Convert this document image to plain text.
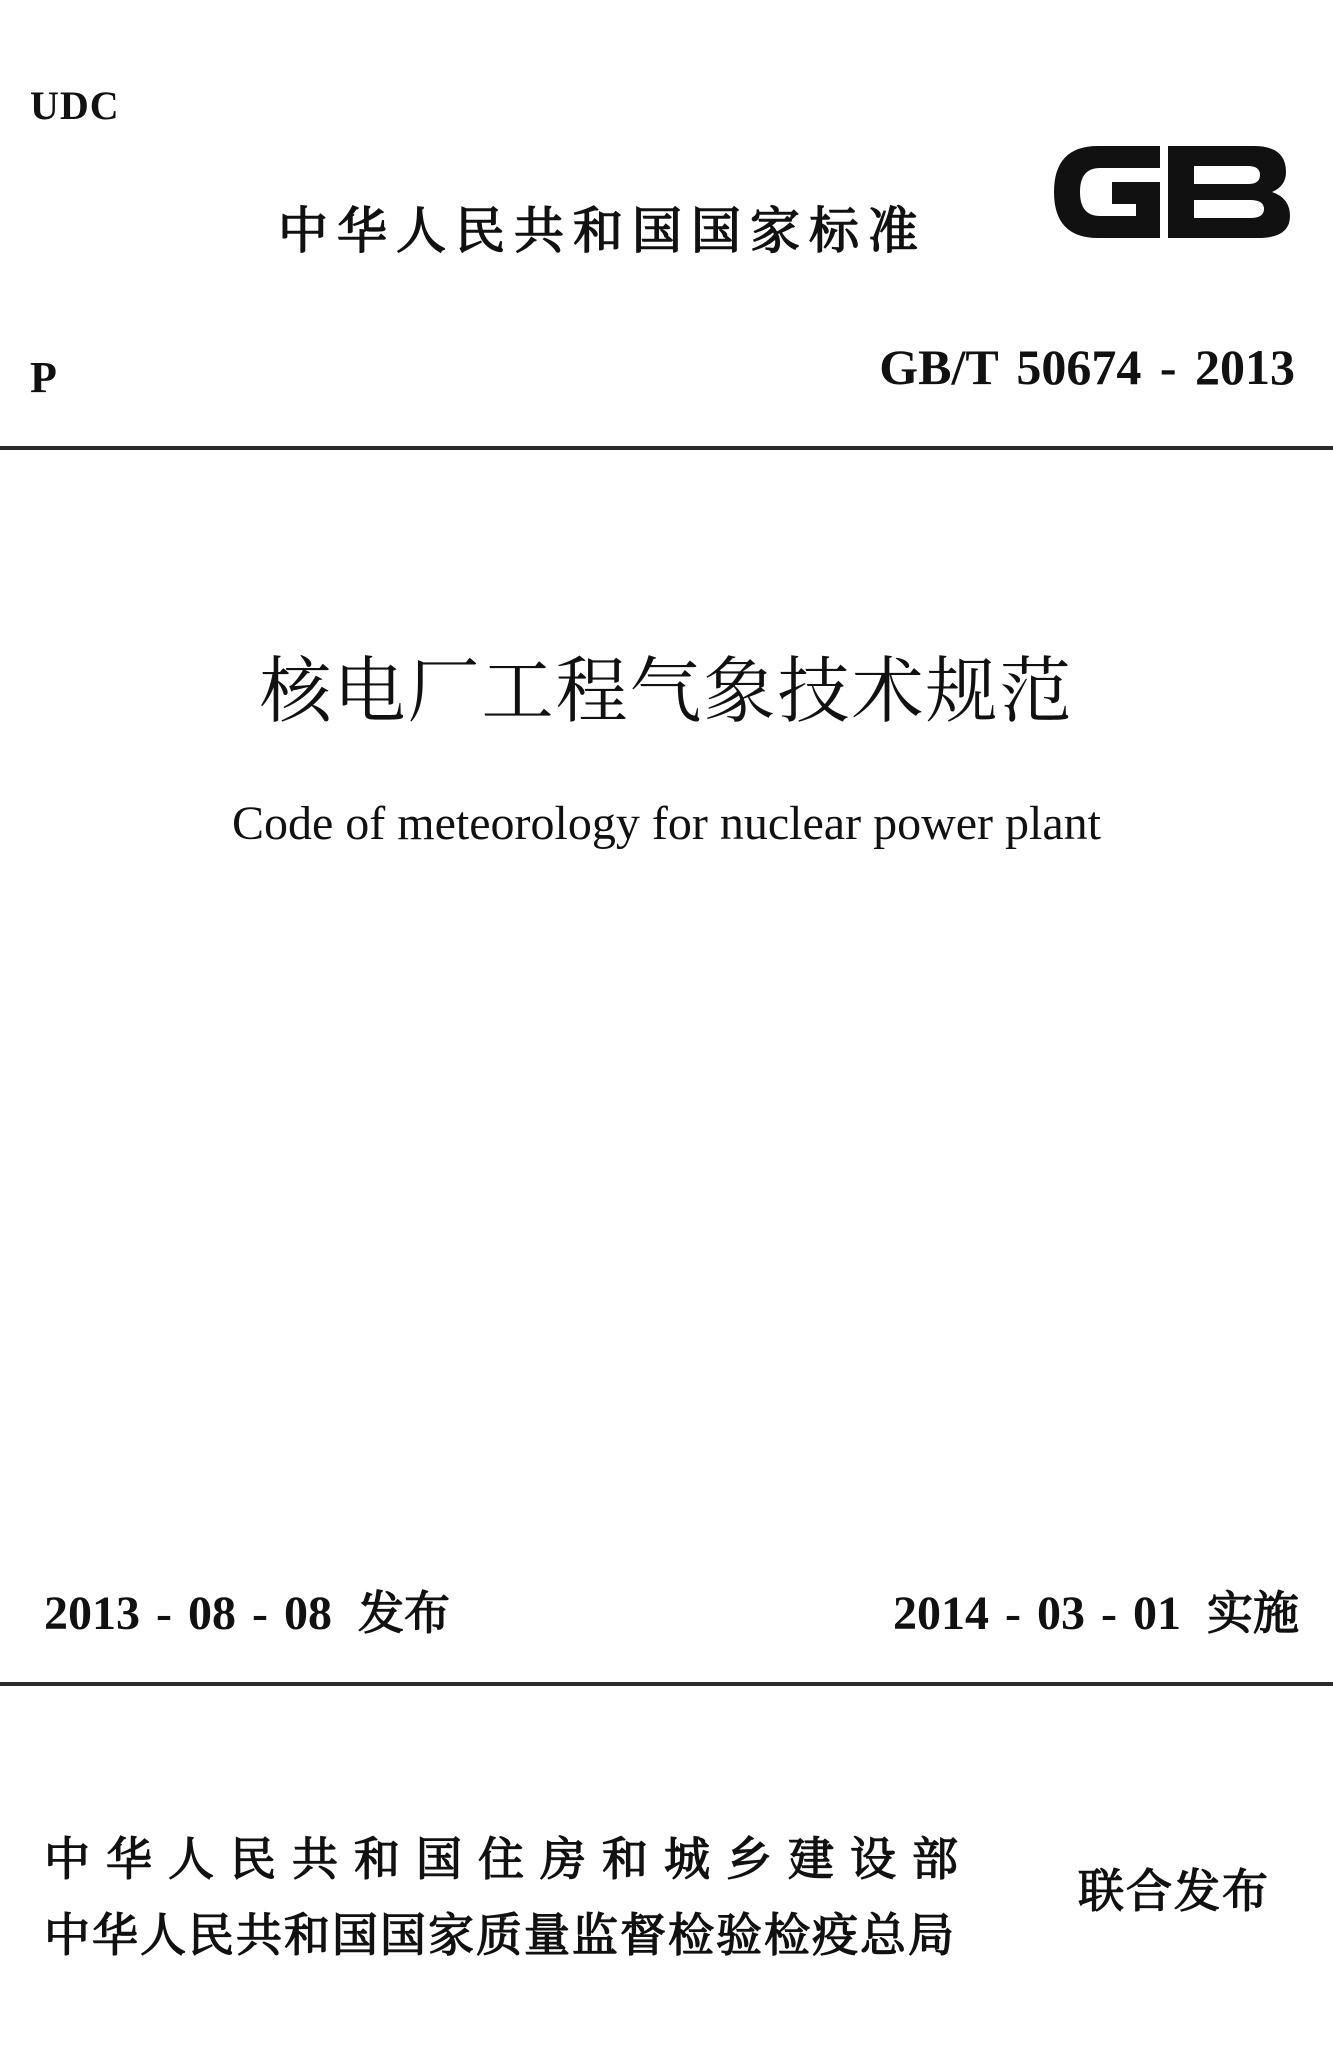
UDC
中华人民共和国国家标准
P	GB/T 50674 - 2013
核电厂工程气象技术规范
Code of meteorology for nuclear power plant
2013 - 08 - 08 发布	2014 - 03 - 01 实施
中华人民共和国住房和城乡建设部
中华人民共和国国家质量监督检验检疫总局
联合发布
